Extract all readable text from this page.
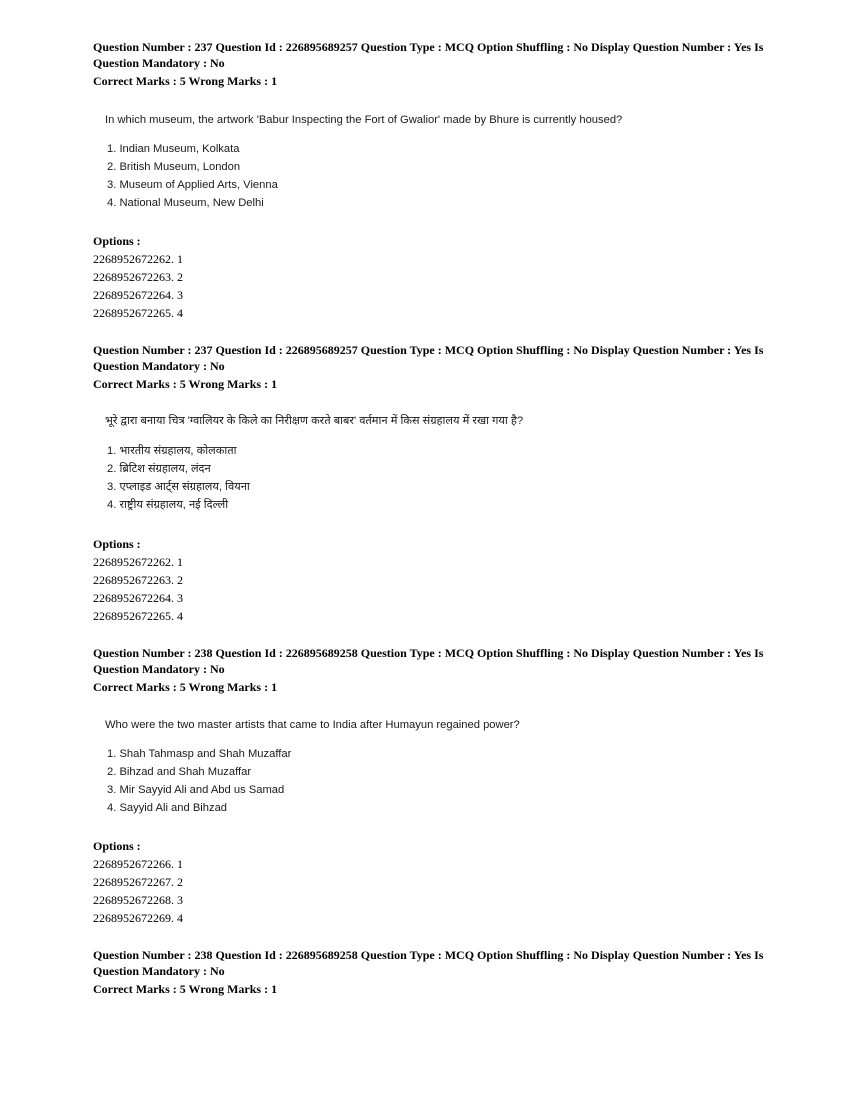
Question Number : 237 Question Id : 226895689257 Question Type : MCQ Option Shuffling : No Display Question Number : Yes Is
Question Mandatory : No
Correct Marks : 5 Wrong Marks : 1
In which museum, the artwork 'Babur Inspecting the Fort of Gwalior' made by Bhure is currently housed?
1. Indian Museum, Kolkata
2. British Museum, London
3. Museum of Applied Arts, Vienna
4. National Museum, New Delhi
Options :
2268952672262. 1
2268952672263. 2
2268952672264. 3
2268952672265. 4
Question Number : 237 Question Id : 226895689257 Question Type : MCQ Option Shuffling : No Display Question Number : Yes Is
Question Mandatory : No
Correct Marks : 5 Wrong Marks : 1
भूरे द्वारा बनाया चित्र 'ग्वालियर के किले का निरीक्षण करते बाबर' वर्तमान में किस संग्रहालय में रखा गया है?
1. भारतीय संग्रहालय, कोलकाता
2. ब्रिटिश संग्रहालय, लंदन
3. एप्लाइड आर्ट्स संग्रहालय, वियना
4. राष्ट्रीय संग्रहालय, नई दिल्ली
Options :
2268952672262. 1
2268952672263. 2
2268952672264. 3
2268952672265. 4
Question Number : 238 Question Id : 226895689258 Question Type : MCQ Option Shuffling : No Display Question Number : Yes Is
Question Mandatory : No
Correct Marks : 5 Wrong Marks : 1
Who were the two master artists that came to India after Humayun regained power?
1. Shah Tahmasp and Shah Muzaffar
2. Bihzad and Shah Muzaffar
3. Mir Sayyid Ali and Abd us Samad
4. Sayyid Ali and Bihzad
Options :
2268952672266. 1
2268952672267. 2
2268952672268. 3
2268952672269. 4
Question Number : 238 Question Id : 226895689258 Question Type : MCQ Option Shuffling : No Display Question Number : Yes Is
Question Mandatory : No
Correct Marks : 5 Wrong Marks : 1
